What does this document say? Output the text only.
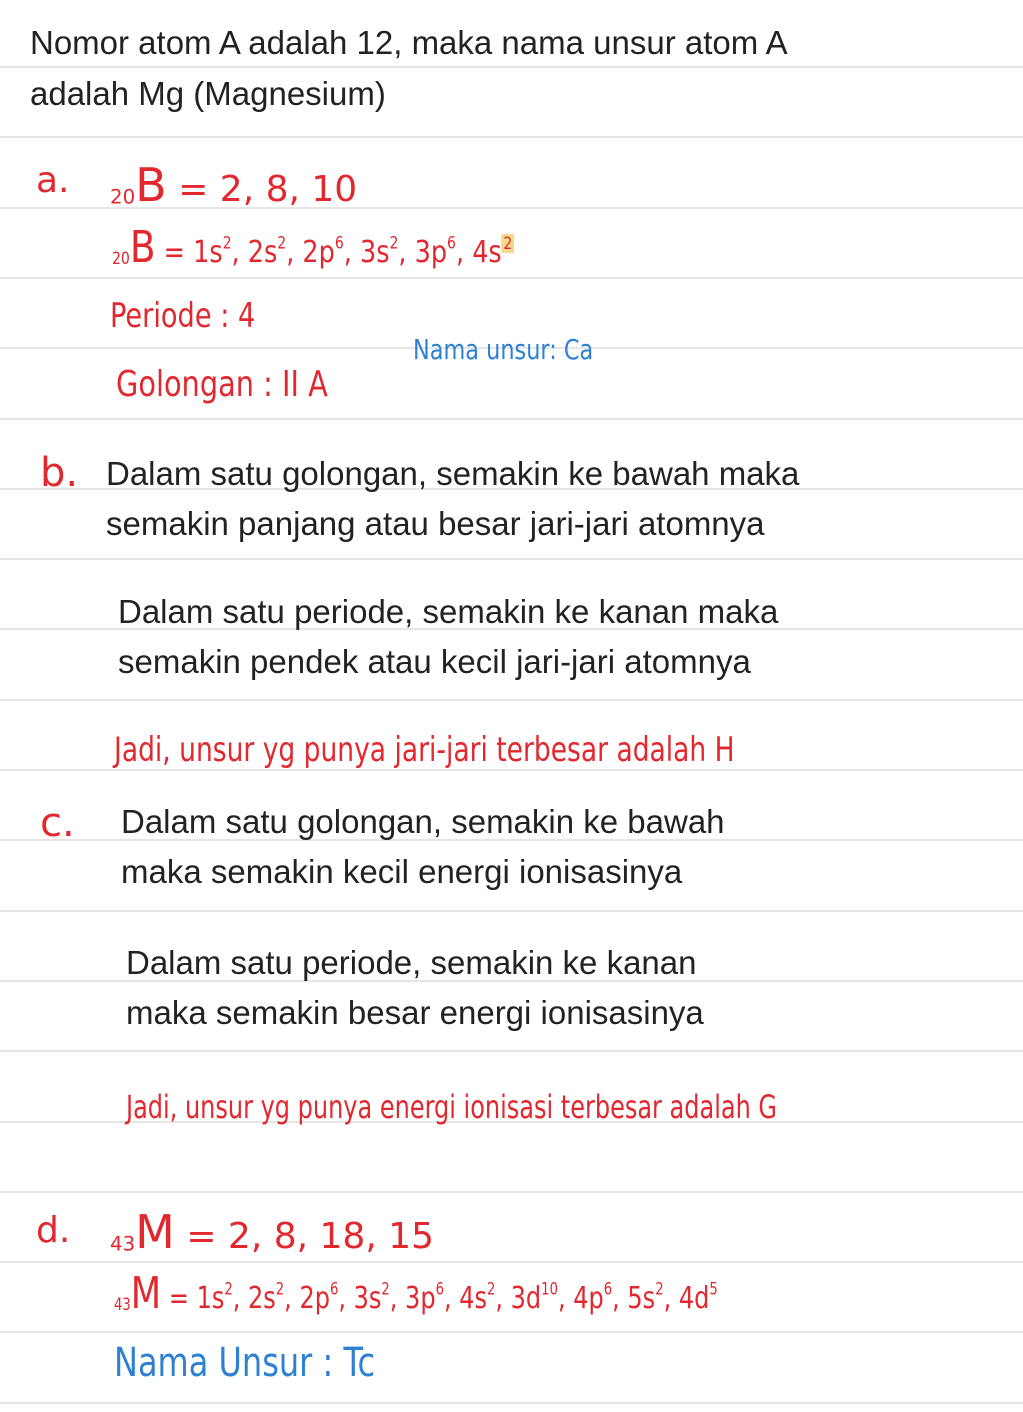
Nomor atom A adalah 12, maka nama unsur atom A
adalah Mg (Magnesium)
a. $_{20}$B = 2, 8, 10
$_{20}B = 1s^2$, $2s^2$, $2p^6$, $3s^2$, $3p^6$, 4s $^2$
Periode : 4
Golongan : II A
Nama unsur: Ca
b. Dalam satu golongan, semakin ke bawah maka
semakin panjang atau besar jari-jari atomnya
Dalam satu periode, semakin ke kanan maka
semakin pendek atau kecil jari-jari atomnya
Jadi, unsur yg punya jari-jari terbesar adalah H
c. Dalam satu golongan, semakin ke bawah
maka semakin kecil energi ionisasinya
Dalam satu periode, semakin ke kanan
maka semakin besar energi ionisasinya
Jadi, unsur yg punya energi ionisasi terbesar adalah G
d. $_{43}$M = 2, 8, 18, 15
$_{43}M = 1s^2$, $2s^2$, $2p^6$, $3s^2$, $3p^6$, $4s^2$, $3d^{10}$, $4p^6$, $5s^2$, $4d^5$
Nama Unsur : Tc
